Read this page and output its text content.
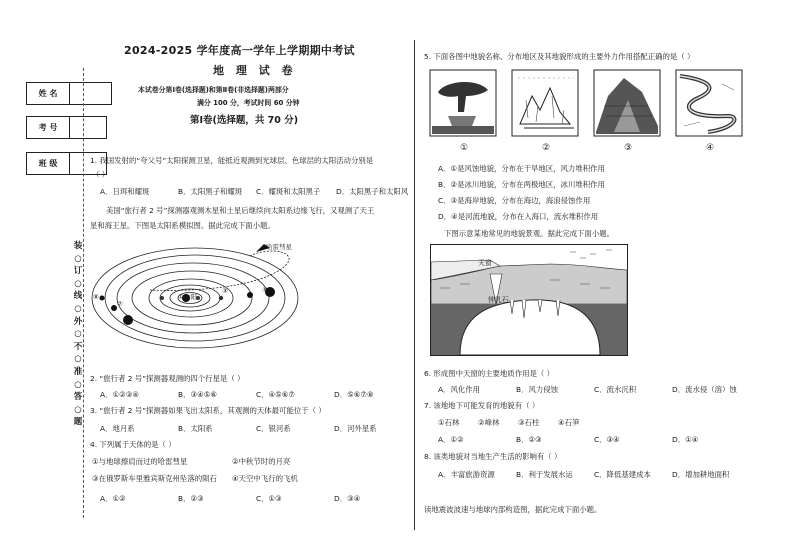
姓 名	

考 号	
班 级	
装○订○线○外○不○准○答○题
2024-2025 学年度高一学年上学期期中考试
地 理 试 卷
本试卷分第Ⅰ卷(选择题)和第Ⅱ卷(非选择题)两部分
满分 100 分，考试时间 60 分钟
第Ⅰ卷(选择题，共 70 分)
1. 我国发射的“夸父号”太阳探测卫星，能抵近观测到光球层、色球层的太阳活动分别是
（ ）
A．日珥和耀斑	B．太阳黑子和耀斑 C．耀斑和太阳黑子 D．太阳黑子和太阳风
美国“旅行者 2 号”探测器观测木星和土星后继续向太阳系边缘飞行，又观测了天王
星和海王星。下图是太阳系模拟图。据此完成下面小题。
哈雷彗星
①太阳
⑧
⑤
⑦
③
2. “旅行者 2 号”探测器观测的四个行星是（ ）
A．①②③④	B．③④⑤⑥	C．④⑤⑥⑦	D．⑤⑥⑦⑧
3. “旅行者 2 号”探测器如果飞出太阳系，其观测的天体最可能位于（ ）
A．地月系	B．太阳系	C．银河系	D．河外星系
4. 下列属于天体的是（ ）
①与地球擦肩而过的哈雷彗星	②中秋节时的月亮
③在俄罗斯车里雅宾斯克州坠落的陨石 ④天空中飞行的飞机
A．①②	B．②③	C．①③	D．③④
5. 下面各图中地貌名称、分布地区及其地貌形成的主要外力作用搭配正确的是（ ）
①	②	③	④
A．①是风蚀地貌，分布在干旱地区，风力堆积作用
B．②是冰川地貌，分布在两极地区，冰川堆积作用
C．③是海岸地貌，分布在海边，海浪侵蚀作用
D．④是河流地貌，分布在入海口，流水堆积作用
下图示意某地常见的地貌景观。据此完成下面小题。
天窗
钟乳石
6. 形成图中天窗的主要地质作用是（ ）
A．风化作用	B．风力侵蚀	C．流水沉积	D．流水侵（溶）蚀
7. 该地地下可能发育的地貌有（ ）
①石林	②峰林	③石柱	④石笋
A．①②	B．②③	C．③④	D．①④
8. 该类地貌对当地生产生活的影响有（ ）
A．丰富旅游资源	B．利于发展水运	C．降低基建成本	D．增加耕地面积
读地震波波速与地球内部构造图，据此完成下面小题。
